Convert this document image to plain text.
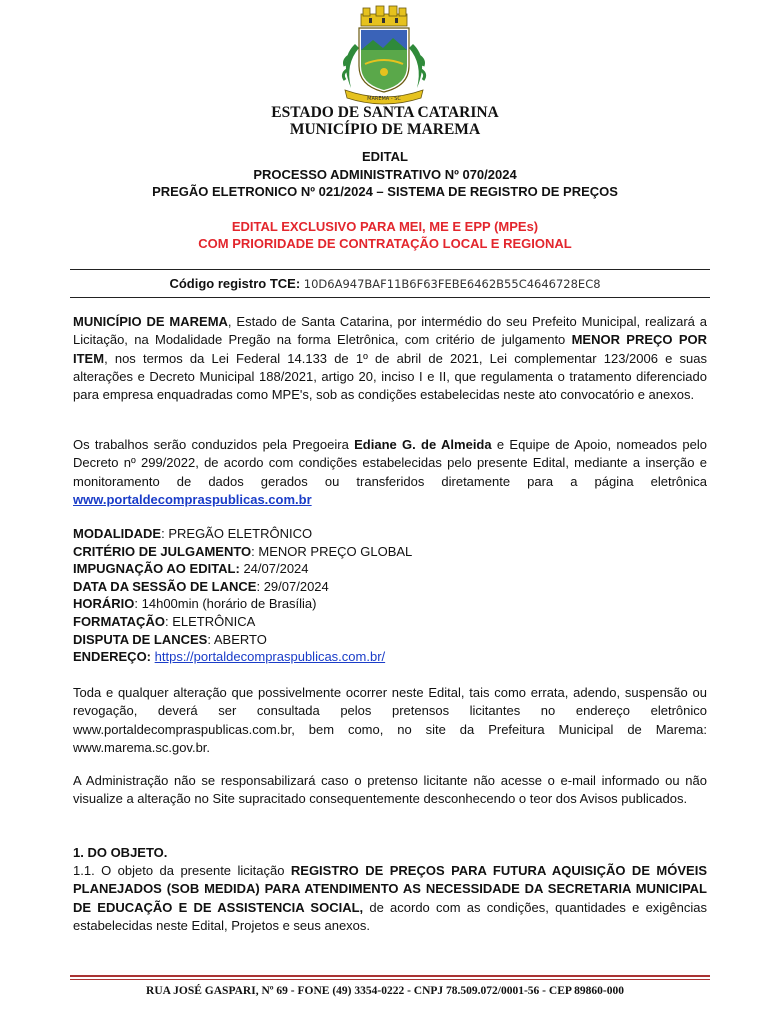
MAREMA - SC
ESTADO DE SANTA CATARINA
MUNICÍPIO DE MAREMA
EDITAL
PROCESSO ADMINISTRATIVO Nº 070/2024
PREGÃO ELETRONICO Nº 021/2024 – SISTEMA DE REGISTRO DE PREÇOS
EDITAL EXCLUSIVO PARA MEI, ME E EPP (MPEs)
COM PRIORIDADE DE CONTRATAÇÃO LOCAL E REGIONAL
Código registro TCE: 10D6A947BAF11B6F63FEBE6462B55C4646728EC8
MUNICÍPIO DE MAREMA, Estado de Santa Catarina, por intermédio do seu Prefeito Municipal, realizará a Licitação, na Modalidade Pregão na forma Eletrônica, com critério de julgamento MENOR PREÇO POR ITEM, nos termos da Lei Federal 14.133 de 1º de abril de 2021, Lei complementar 123/2006 e suas alterações e Decreto Municipal 188/2021, artigo 20, inciso I e II, que regulamenta o tratamento diferenciado para empresa enquadradas como MPE's, sob as condições estabelecidas neste ato convocatório e anexos.
Os trabalhos serão conduzidos pela Pregoeira Ediane G. de Almeida e Equipe de Apoio, nomeados pelo Decreto nº 299/2022, de acordo com condições estabelecidas pelo presente Edital, mediante a inserção e monitoramento de dados gerados ou transferidos diretamente para a página eletrônica www.portaldecompraspublicas.com.br
MODALIDADE: PREGÃO ELETRÔNICO
CRITÉRIO DE JULGAMENTO: MENOR PREÇO GLOBAL
IMPUGNAÇÃO AO EDITAL: 24/07/2024
DATA DA SESSÃO DE LANCE: 29/07/2024
HORÁRIO: 14h00min (horário de Brasília)
FORMATAÇÃO: ELETRÔNICA
DISPUTA DE LANCES: ABERTO
ENDEREÇO: https://portaldecompraspublicas.com.br/
Toda e qualquer alteração que possivelmente ocorrer neste Edital, tais como errata, adendo, suspensão ou revogação, deverá ser consultada pelos pretensos licitantes no endereço eletrônico www.portaldecompraspublicas.com.br, bem como, no site da Prefeitura Municipal de Marema: www.marema.sc.gov.br.
A Administração não se responsabilizará caso o pretenso licitante não acesse o e-mail informado ou não visualize a alteração no Site supracitado consequentemente desconhecendo o teor dos Avisos publicados.
1. DO OBJETO.
1.1. O objeto da presente licitação REGISTRO DE PREÇOS PARA FUTURA AQUISIÇÃO DE MÓVEIS PLANEJADOS (SOB MEDIDA) PARA ATENDIMENTO AS NECESSIDADE DA SECRETARIA MUNICIPAL DE EDUCAÇÃO E DE ASSISTENCIA SOCIAL, de acordo com as condições, quantidades e exigências estabelecidas neste Edital, Projetos e seus anexos.
RUA JOSÉ GASPARI, Nº 69 - FONE (49) 3354-0222 - CNPJ 78.509.072/0001-56 - CEP 89860-000
